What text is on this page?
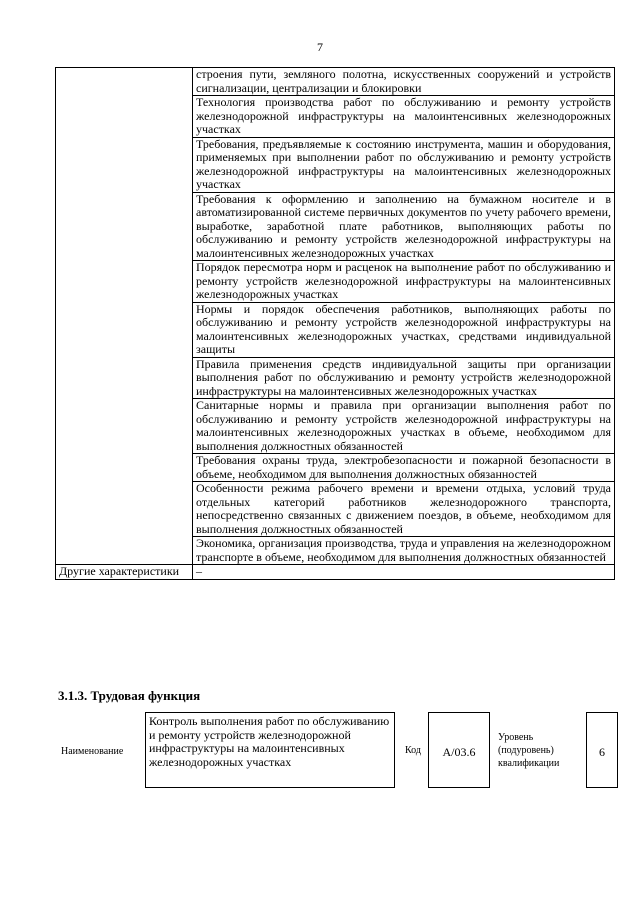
7
	строения пути, земляного полотна, искусственных сооружений и устройств сигнализации, централизации и блокировки
	Технология производства работ по обслуживанию и ремонту устройств железнодорожной инфраструктуры на малоинтенсивных железнодорожных участках
	Требования, предъявляемые к состоянию инструмента, машин и оборудования, применяемых при выполнении работ по обслуживанию и ремонту устройств железнодорожной инфраструктуры на малоинтенсивных железнодорожных участках
	Требования к оформлению и заполнению на бумажном носителе и в автоматизированной системе первичных документов по учету рабочего времени, выработке, заработной плате работников, выполняющих работы по обслуживанию и ремонту устройств железнодорожной инфраструктуры на малоинтенсивных железнодорожных участках
	Порядок пересмотра норм и расценок на выполнение работ по обслуживанию и ремонту устройств железнодорожной инфраструктуры на малоинтенсивных железнодорожных участках
	Нормы и порядок обеспечения работников, выполняющих работы по обслуживанию и ремонту устройств железнодорожной инфраструктуры на малоинтенсивных железнодорожных участках, средствами индивидуальной защиты
	Правила применения средств индивидуальной защиты при организации выполнения работ по обслуживанию и ремонту устройств железнодорожной инфраструктуры на малоинтенсивных железнодорожных участках
	Санитарные нормы и правила при организации выполнения работ по обслуживанию и ремонту устройств железнодорожной инфраструктуры на малоинтенсивных железнодорожных участках в объеме, необходимом для выполнения должностных обязанностей
	Требования охраны труда, электробезопасности и пожарной безопасности в объеме, необходимом для выполнения должностных обязанностей
	Особенности режима рабочего времени и времени отдыха, условий труда отдельных категорий работников железнодорожного транспорта, непосредственно связанных с движением поездов, в объеме, необходимом для выполнения должностных обязанностей
	Экономика, организация производства, труда и управления на железнодорожном транспорте в объеме, необходимом для выполнения должностных обязанностей
Другие характеристики	–
3.1.3. Трудовая функция
Наименование
Контроль выполнения работ по обслуживанию и ремонту устройств железнодорожной инфраструктуры на малоинтенсивных железнодорожных участках
Код	A/03.6
Уровень (подуровень) квалификации
6
